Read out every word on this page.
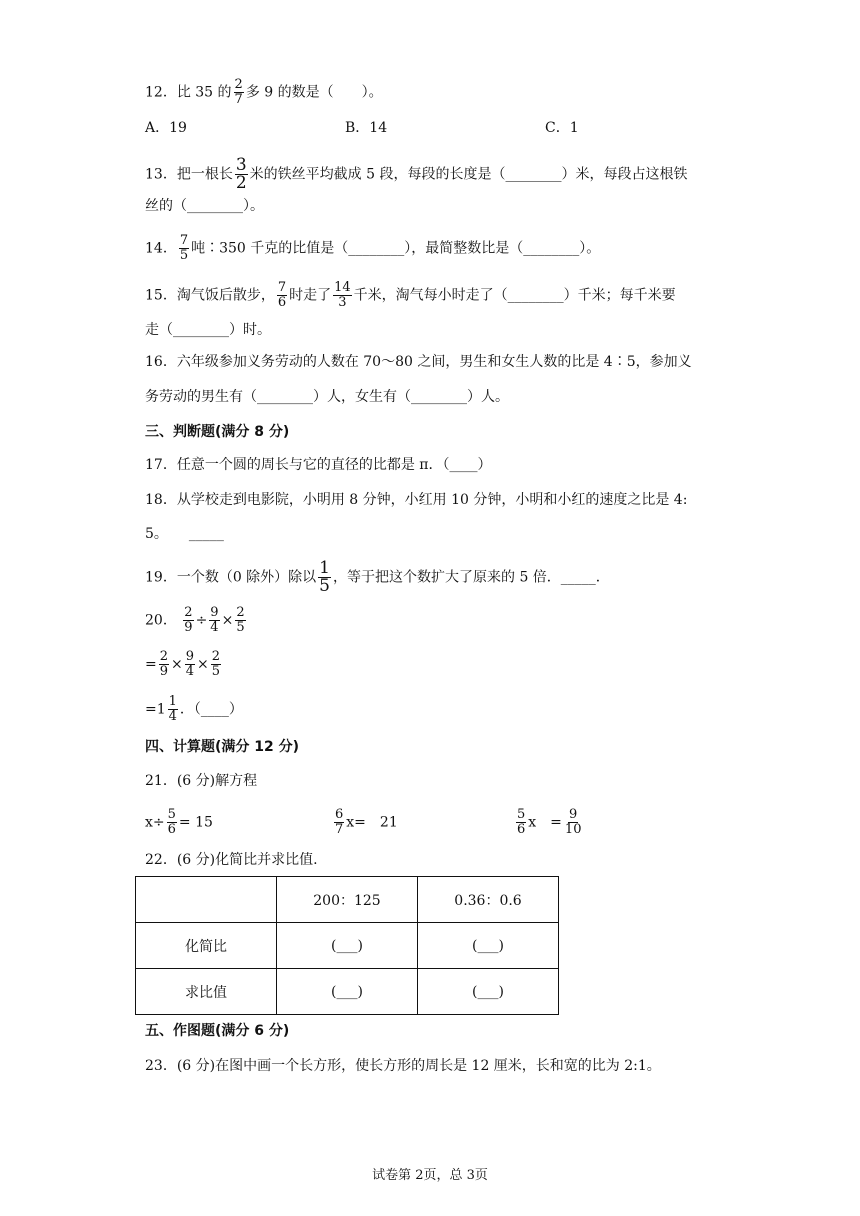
12．比 35 的 $\frac{2}{7}$ 多 9 的数是（　　）。
A．19	B．14	C．1
13．把一根长 $\frac{3}{2}$ 米的铁丝平均截成 5 段，每段的长度是（________）米，每段占这根铁
丝的（________）。
14． $\frac{7}{5}$ 吨∶350 千克的比值是（________），最简整数比是（________）。
15．淘气饭后散步， $\frac{7}{6}$ 时走了 $\frac{14}{3}$ 千米，淘气每小时走了（________）千米；每千米要
走（________）时。
16．六年级参加义务劳动的人数在 70～80 之间，男生和女生人数的比是 4∶5，参加义
务劳动的男生有（________）人，女生有（________）人。
三、判断题(满分 8 分)
17．任意一个圆的周长与它的直径的比都是 π．（____）
18．从学校走到电影院，小明用 8 分钟，小红用 10 分钟，小明和小红的速度之比是 4:
5。　　_____
19．一个数（0 除外）除以 $\frac{1}{5}$ ，等于把这个数扩大了原来的 5 倍．_____．
20． $\frac{2}{9} \div \frac{9}{4} \times \frac{2}{5}$
= $\frac{2}{9} \times \frac{9}{4} \times \frac{2}{5}$
$=1 \frac{1}{4}$ ．（____）
四、计算题(满分 12 分)
21．(6 分)解方程
$x\div \frac{5}{6} = 15$	$\frac{6}{7} x=$　21	$\frac{5}{6}$ x　= $\frac{9}{10}$
22．(6 分)化简比并求比值.
	200：125	0.36：0.6
化简比	(___)	(___)
求比值	(___)	(___)
五、作图题(满分 6 分)
23．(6 分)在图中画一个长方形，使长方形的周长是 12 厘米，长和宽的比为 2:1。
试卷第 2页，总 3页
